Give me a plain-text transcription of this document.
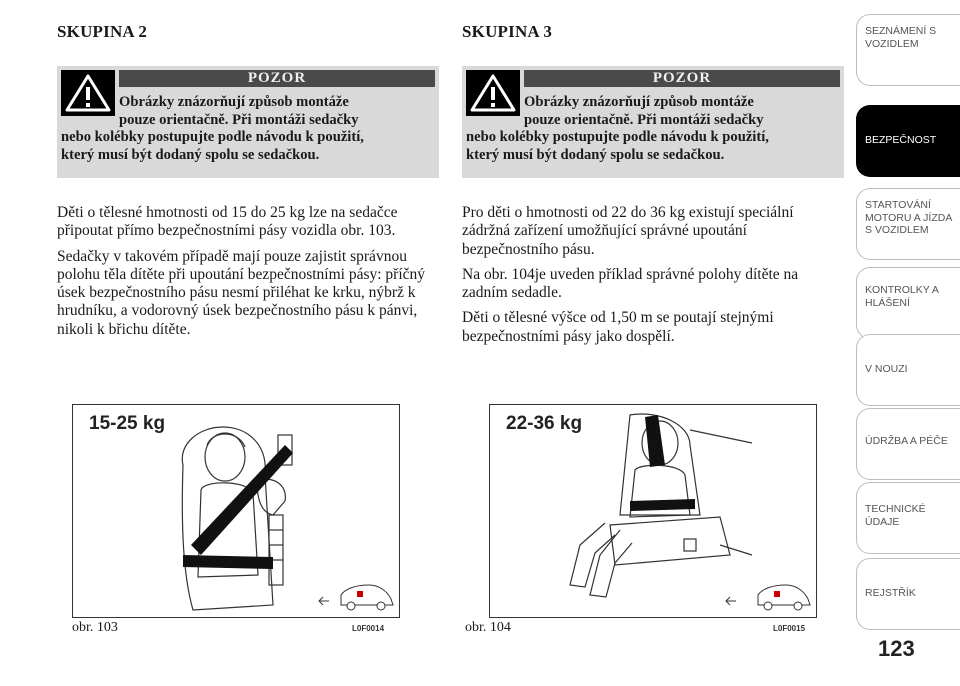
SKUPINA 2
POZOR
Obrázky znázorňují způsob montáže
pouze orientačně. Při montáži sedačky
nebo kolébky postupujte podle návodu k použití,
který musí být dodaný spolu se sedačkou.

Děti o tělesné hmotnosti od 15 do 25 kg lze na sedačce připoutat přímo bezpečnostními pásy vozidla obr. 103.

Sedačky v takovém případě mají pouze zajistit správnou polohu těla dítěte při upoutání bezpečnostními pásy: příčný úsek bezpečnostního pásu nesmí přiléhat ke krku, nýbrž k hrudníku, a vodorovný úsek bezpečnostního pásu k pánvi, nikoli k břichu dítěte.

SKUPINA 3
POZOR
Obrázky znázorňují způsob montáže
pouze orientačně. Při montáži sedačky
nebo kolébky postupujte podle návodu k použití,
který musí být dodaný spolu se sedačkou.

Pro děti o hmotnosti od 22 do 36 kg existují speciální zádržná zařízení umožňující správné upoutání bezpečnostního pásu.

Na obr. 104je uveden příklad správné polohy dítěte na zadním sedadle.

Děti o tělesné výšce od 1,50 m se poutají stejnými bezpečnostními pásy jako dospělí.

15-25 kg	22-36 kg
obr. 103	L0F0014	obr. 104	L0F0015
SEZNÁMENÍ S
VOZIDLEM
BEZPEČNOST
STARTOVÁNÍ
MOTORU A JÍZDA
S VOZIDLEM
KONTROLKY A
HLÁŠENÍ
V NOUZI
ÚDRŽBA A PÉČE
TECHNICKÉ
ÚDAJE
REJSTŘÍK
123
